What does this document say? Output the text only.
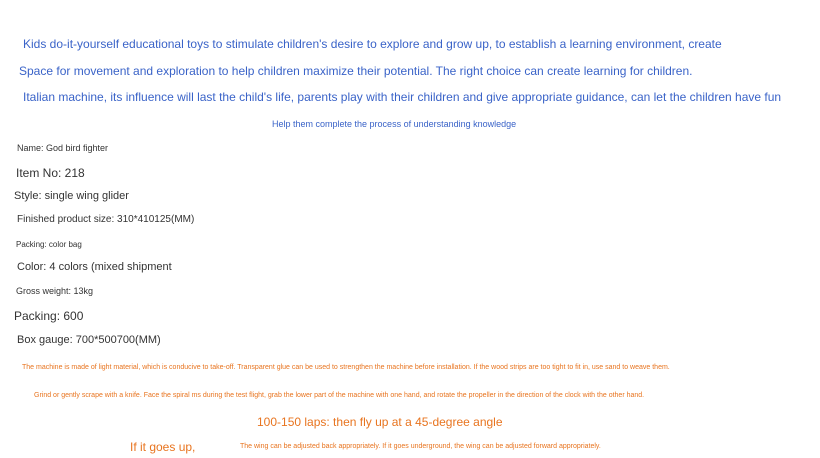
Kids do-it-yourself educational toys to stimulate children's desire to explore and grow up, to establish a learning environment, create
Space for movement and exploration to help children maximize their potential. The right choice can create learning for children.
Italian machine, its influence will last the child's life, parents play with their children and give appropriate guidance, can let the children have fun
Help them complete the process of understanding knowledge
Name: God bird fighter
Item No: 218
Style: single wing glider
Finished product size: 310*410125(MM)
Packing: color bag
Color: 4 colors (mixed shipment
Gross weight: 13kg
Packing: 600
Box gauge: 700*500700(MM)
The machine is made of light material, which is conducive to take-off. Transparent glue can be used to strengthen the machine before installation. If the wood strips are too tight to fit in, use sand to weave them.
Grind or gently scrape with a knife. Face the spiral ms during the test flight, grab the lower part of the machine with one hand, and rotate the propeller in the direction of the clock with the other hand.
100-150 laps: then fly up at a 45-degree angle
If it goes up,	The wing can be adjusted back appropriately. If it goes underground, the wing can be adjusted forward appropriately.
